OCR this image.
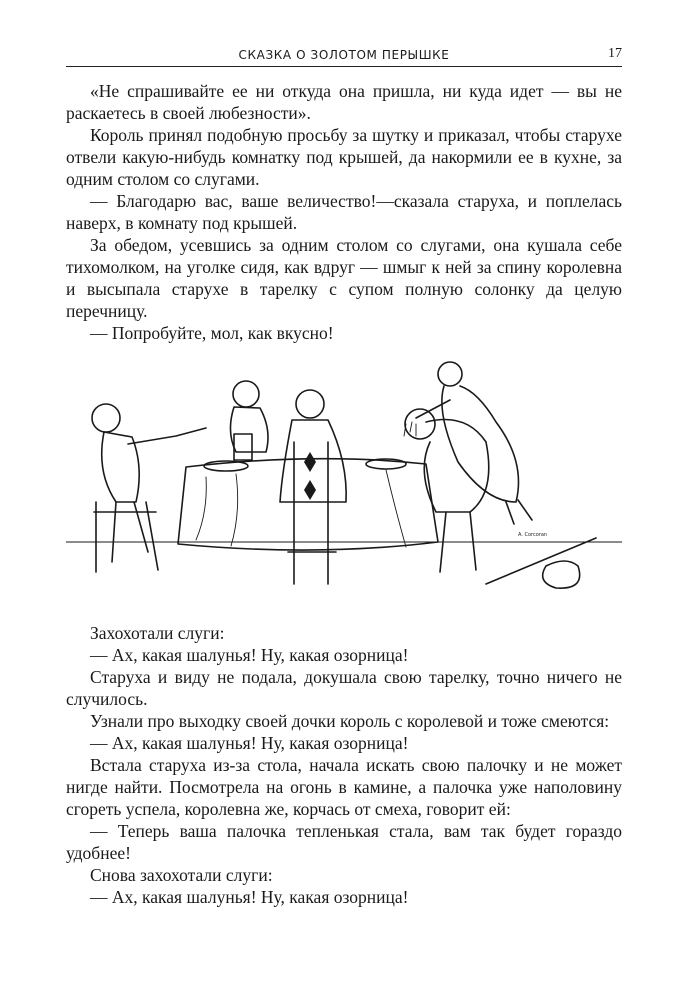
СКАЗКА О ЗОЛОТОМ ПЕРЫШКЕ	17

«Не спрашивайте ее ни откуда она пришла, ни куда идет — вы не раскаетесь в своей любезности».

Король принял подобную просьбу за шутку и приказал, чтобы старухе отвели какую-нибудь комнатку под крышей, да накормили ее в кухне, за одним столом со слугами.

— Благодарю вас, ваше величество!—сказала старуха, и поплелась наверх, в комнату под крышей.

За обедом, усевшись за одним столом со слугами, она кушала себе тихомолком, на уголке сидя, как вдруг — шмыг к ней за спину королевна и высыпала старухе в тарелку с супом полную солонку да целую перечницу.

— Попробуйте, мол, как вкусно!

A. Corcoran

Захохотали слуги:

— Ах, какая шалунья! Ну, какая озорница!

Старуха и виду не подала, докушала свою тарелку, точно ничего не случилось.

Узнали про выходку своей дочки король с королевой и тоже смеются:

— Ах, какая шалунья! Ну, какая озорница!

Встала старуха из-за стола, начала искать свою палочку и не может нигде найти. Посмотрела на огонь в камине, а палочка уже наполовину сгореть успела, королевна же, корчась от смеха, говорит ей:

— Теперь ваша палочка тепленькая стала, вам так будет гораздо удобнее!

Снова захохотали слуги:

— Ах, какая шалунья! Ну, какая озорница!
